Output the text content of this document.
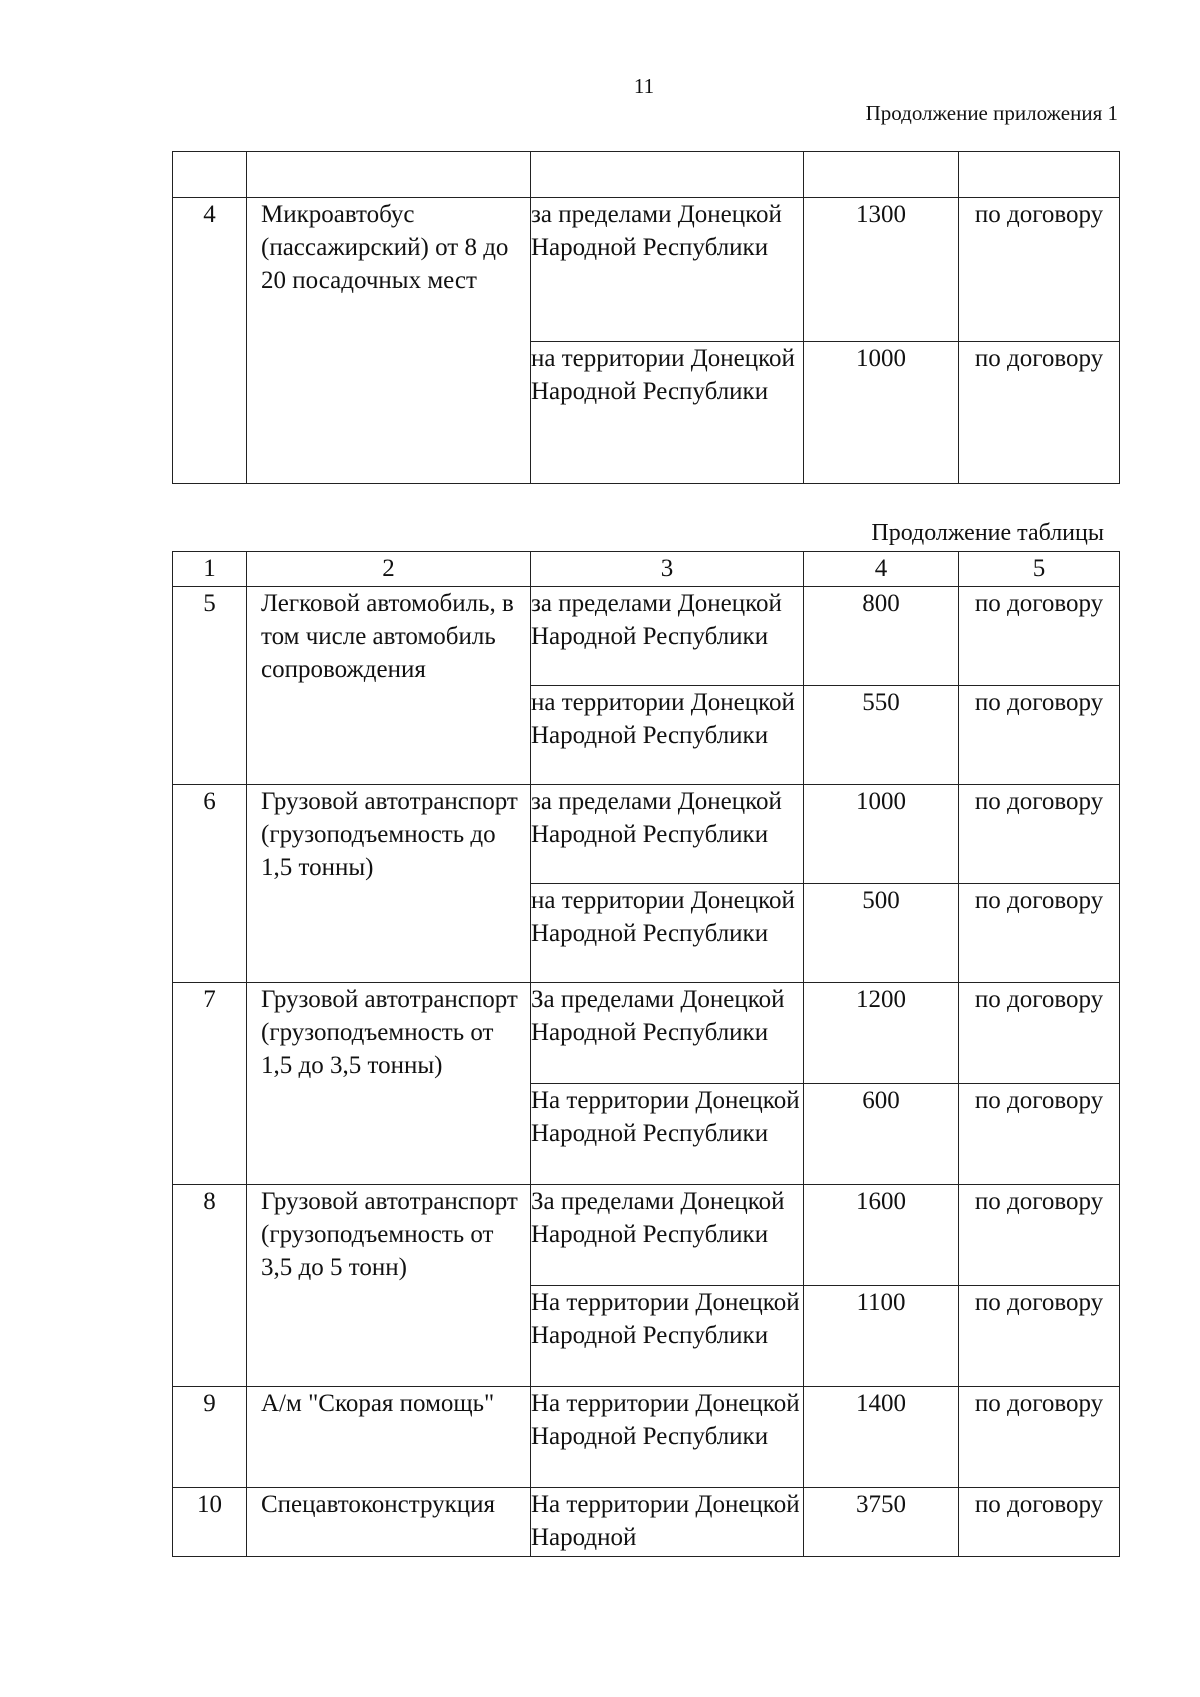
11
Продолжение приложения 1

4	Микроавтобус (пассажирский) от 8 до 20 посадочных мест	за пределами Донецкой Народной Республики	1300	по договору
		на территории Донецкой Народной Республики	1000	по договору
Продолжение таблицы
1	2	3	4	5
5	Легковой автомобиль, в том числе автомобиль сопровождения	за пределами Донецкой Народной Республики	800	по договору
		на территории Донецкой Народной Республики	550	по договору
6	Грузовой автотранспорт (грузоподъемность до 1,5 тонны)	за пределами Донецкой Народной Республики	1000	по договору
		на территории Донецкой Народной Республики	500	по договору
7	Грузовой автотранспорт (грузоподъемность от 1,5 до 3,5 тонны)	За пределами Донецкой Народной Республики	1200	по договору
		На территории Донецкой Народной Республики	600	по договору
8	Грузовой автотранспорт (грузоподъемность от 3,5 до 5 тонн)	За пределами Донецкой Народной Республики	1600	по договору
		На территории Донецкой Народной Республики	1100	по договору
9	А/м "Скорая помощь"	На территории Донецкой Народной Республики	1400	по договору
10	Спецавтоконструкция	На территории Донецкой Народной	3750	по договору
